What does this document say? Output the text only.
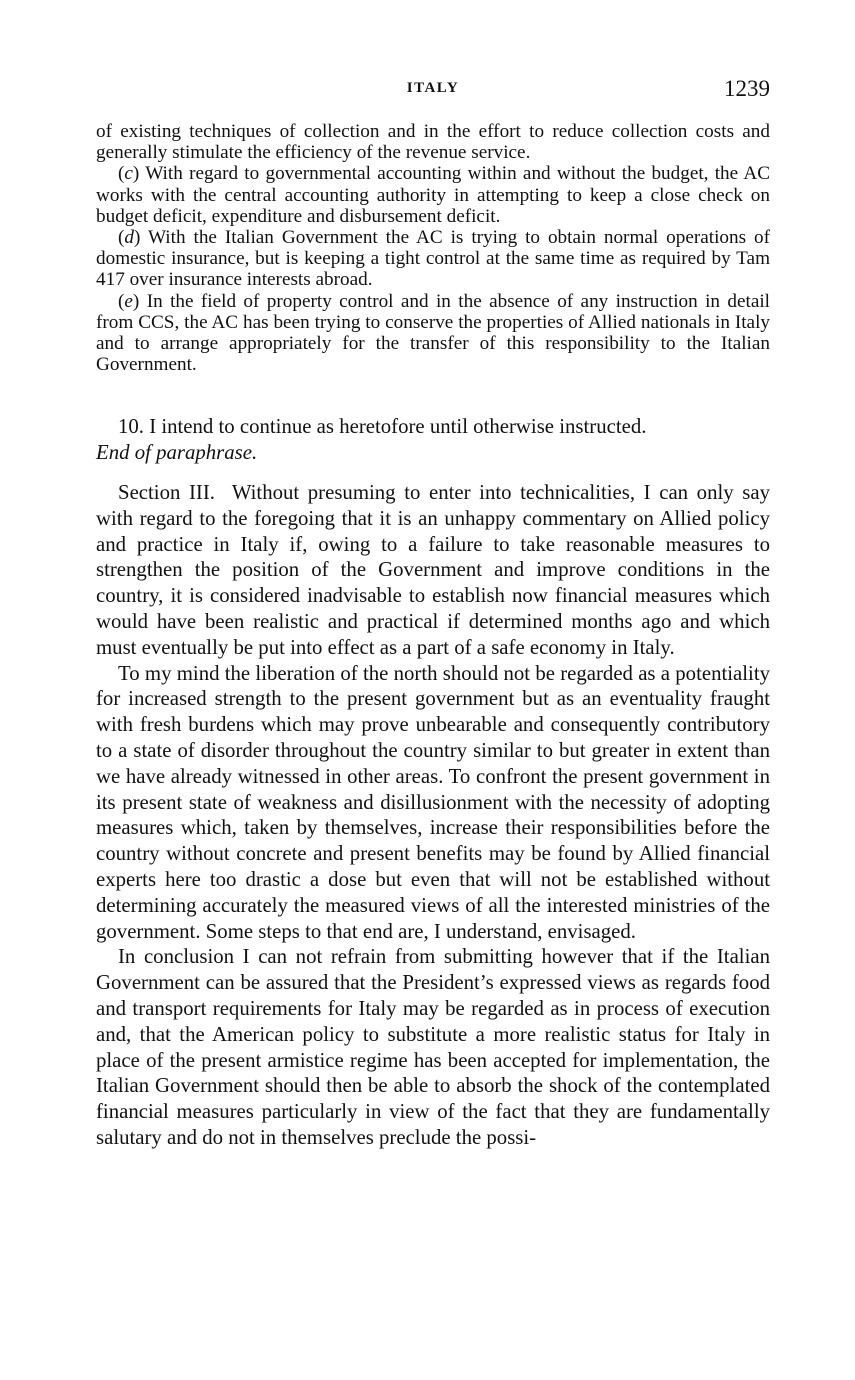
ITALY	1239

of existing techniques of collection and in the effort to reduce collection costs and generally stimulate the efficiency of the revenue service.

(c) With regard to governmental accounting within and without the budget, the AC works with the central accounting authority in attempting to keep a close check on budget deficit, expenditure and disbursement deficit.

(d) With the Italian Government the AC is trying to obtain normal operations of domestic insurance, but is keeping a tight control at the same time as required by Tam 417 over insurance interests abroad.

(e) In the field of property control and in the absence of any instruction in detail from CCS, the AC has been trying to conserve the properties of Allied nationals in Italy and to arrange appropriately for the transfer of this responsibility to the Italian Government.

10. I intend to continue as heretofore until otherwise instructed.

End of paraphrase.

Section III. Without presuming to enter into technicalities, I can only say with regard to the foregoing that it is an unhappy commentary on Allied policy and practice in Italy if, owing to a failure to take reasonable measures to strengthen the position of the Government and improve conditions in the country, it is considered inadvisable to establish now financial measures which would have been realistic and practical if determined months ago and which must eventually be put into effect as a part of a safe economy in Italy.

To my mind the liberation of the north should not be regarded as a potentiality for increased strength to the present government but as an eventuality fraught with fresh burdens which may prove unbearable and consequently contributory to a state of disorder throughout the country similar to but greater in extent than we have already witnessed in other areas. To confront the present government in its present state of weakness and disillusionment with the necessity of adopting measures which, taken by themselves, increase their responsibilities before the country without concrete and present benefits may be found by Allied financial experts here too drastic a dose but even that will not be established without determining accurately the measured views of all the interested ministries of the government. Some steps to that end are, I understand, envisaged.

In conclusion I can not refrain from submitting however that if the Italian Government can be assured that the President’s expressed views as regards food and transport requirements for Italy may be regarded as in process of execution and, that the American policy to substitute a more realistic status for Italy in place of the present armistice regime has been accepted for implementation, the Italian Government should then be able to absorb the shock of the contemplated financial measures particularly in view of the fact that they are fundamentally salutary and do not in themselves preclude the possi-
